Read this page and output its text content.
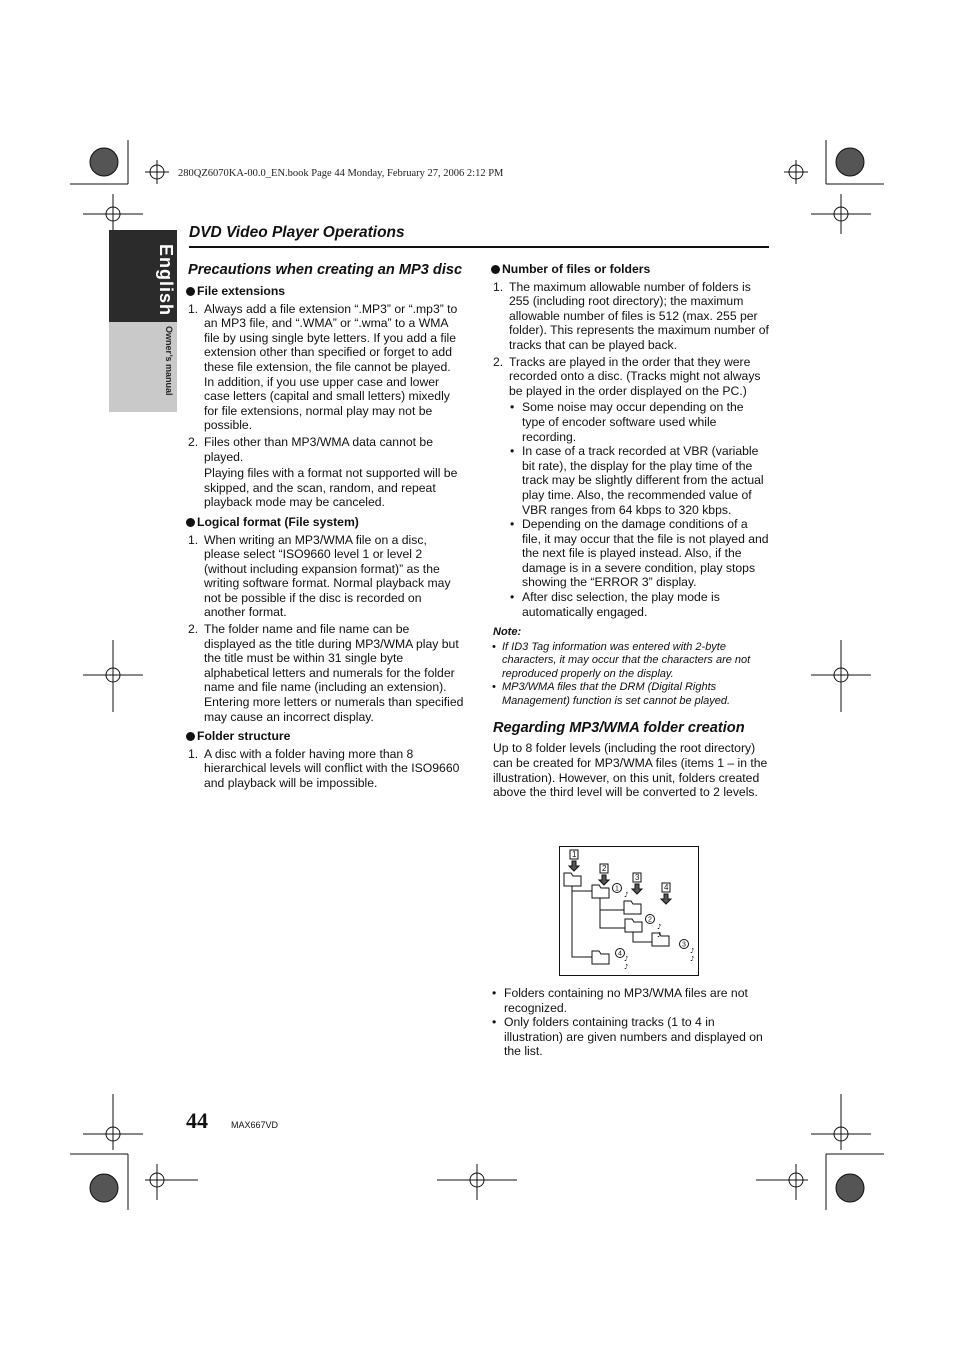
280QZ6070KA-00.0_EN.book Page 44 Monday, February 27, 2006 2:12 PM
English
Owner’s manual
DVD Video Player Operations
Precautions when creating an MP3 disc
File extensions
1. Always add a file extension “.MP3” or “.mp3” to an MP3 file, and “.WMA” or “.wma” to a WMA file by using single byte letters. If you add a file extension other than specified or forget to add these file extension, the file cannot be played. In addition, if you use upper case and lower case letters (capital and small letters) mixedly for file extensions, normal play may not be possible.
2. Files other than MP3/WMA data cannot be played.
Playing files with a format not supported will be skipped, and the scan, random, and repeat playback mode may be canceled.
Logical format (File system)
1. When writing an MP3/WMA file on a disc, please select “ISO9660 level 1 or level 2 (without including expansion format)” as the writing software format. Normal playback may not be possible if the disc is recorded on another format.
2. The folder name and file name can be displayed as the title during MP3/WMA play but the title must be within 31 single byte alphabetical letters and numerals for the folder name and file name (including an extension). Entering more letters or numerals than specified may cause an incorrect display.
Folder structure
1. A disc with a folder having more than 8 hierarchical levels will conflict with the ISO9660 and playback will be impossible.
Number of files or folders
1. The maximum allowable number of folders is 255 (including root directory); the maximum allowable number of files is 512 (max. 255 per folder). This represents the maximum number of tracks that can be played back.
2. Tracks are played in the order that they were recorded onto a disc. (Tracks might not always be played in the order displayed on the PC.)
• Some noise may occur depending on the type of encoder software used while recording.
• In case of a track recorded at VBR (variable bit rate), the display for the play time of the track may be slightly different from the actual play time. Also, the recommended value of VBR ranges from 64 kbps to 320 kbps.
• Depending on the damage conditions of a file, it may occur that the file is not played and the next file is played instead. Also, if the damage is in a severe condition, play stops showing the “ERROR 3” display.
• After disc selection, the play mode is automatically engaged.
Note:
• If ID3 Tag information was entered with 2-byte characters, it may occur that the characters are not reproduced properly on the display.
• MP3/WMA files that the DRM (Digital Rights Management) function is set cannot be played.
Regarding MP3/WMA folder creation
Up to 8 folder levels (including the root directory) can be created for MP3/WMA files (items 1 – in the illustration). However, on this unit, folders created above the third level will be converted to 2 levels.
1
2
3
4
1
2
3
4
♪
♪
♪
♪
♪
♪
♪
• Folders containing no MP3/WMA files are not recognized.
• Only folders containing tracks (1 to 4 in illustration) are given numbers and displayed on the list.
44	MAX667VD
